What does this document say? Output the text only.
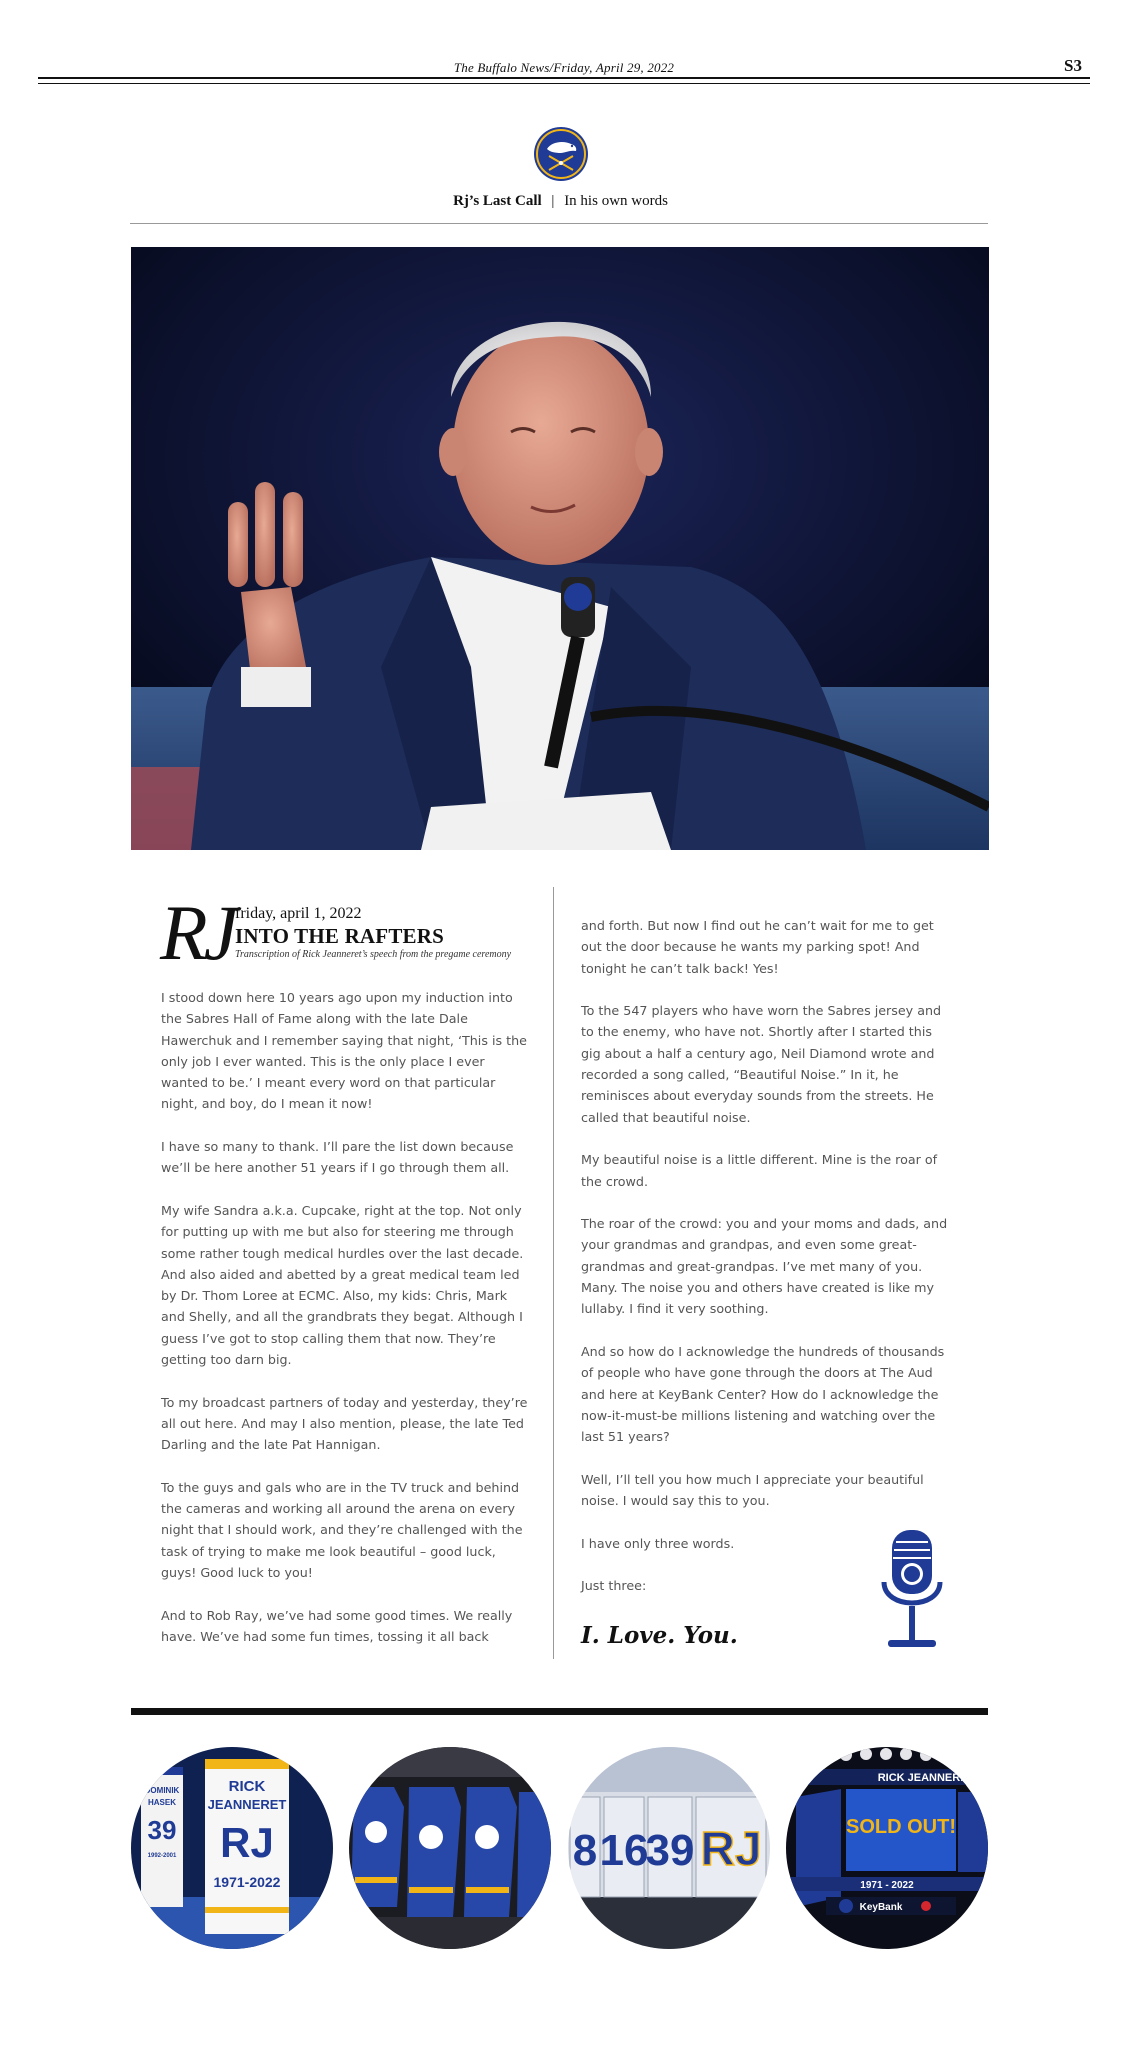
The Buffalo News/Friday, April 29, 2022	S3
Rj’s Last Call | In his own words
RJ friday, april 1, 2022
INTO THE RAFTERS
Transcription of Rick Jeanneret’s speech from the pregame ceremony

I stood down here 10 years ago upon my induction into the Sabres Hall of Fame along with the late Dale Hawerchuk and I remember saying that night, ‘This is the only job I ever wanted. This is the only place I ever wanted to be.’ I meant every word on that particular night, and boy, do I mean it now!

I have so many to thank. I’ll pare the list down because we’ll be here another 51 years if I go through them all.

My wife Sandra a.k.a. Cupcake, right at the top. Not only for putting up with me but also for steering me through some rather tough medical hurdles over the last decade. And also aided and abetted by a great medical team led by Dr. Thom Loree at ECMC. Also, my kids: Chris, Mark and Shelly, and all the grandbrats they begat. Although I guess I’ve got to stop calling them that now. They’re getting too darn big.

To my broadcast partners of today and yesterday, they’re all out here. And may I also mention, please, the late Ted Darling and the late Pat Hannigan.

To the guys and gals who are in the TV truck and behind the cameras and working all around the arena on every night that I should work, and they’re challenged with the task of trying to make me look beautiful – good luck, guys! Good luck to you!

And to Rob Ray, we’ve had some good times. We really have. We’ve had some fun times, tossing it all back

and forth. But now I find out he can’t wait for me to get out the door because he wants my parking spot! And tonight he can’t talk back! Yes!

To the 547 players who have worn the Sabres jersey and to the enemy, who have not. Shortly after I started this gig about a half a century ago, Neil Diamond wrote and recorded a song called, “Beautiful Noise.” In it, he reminisces about everyday sounds from the streets. He called that beautiful noise.

My beautiful noise is a little different. Mine is the roar of the crowd.

The roar of the crowd: you and your moms and dads, and your grandmas and grandpas, and even some great-grandmas and great-grandpas. I’ve met many of you. Many. The noise you and others have created is like my lullaby. I find it very soothing.

And so how do I acknowledge the hundreds of thousands of people who have gone through the doors at The Aud and here at KeyBank Center? How do I acknowledge the now-it-must-be millions listening and watching over the last 51 years?

Well, I’ll tell you how much I appreciate your beautiful noise. I would say this to you.

I have only three words.

Just three:

I. Love. You.
DOMINIK
HASEK
39
1992-2001
RICK
JEANNERET
RJ
1971-2022
8 16
39 RJ
RICK JEANNERET
SOLD OUT!
1971 - 2022
KeyBank
